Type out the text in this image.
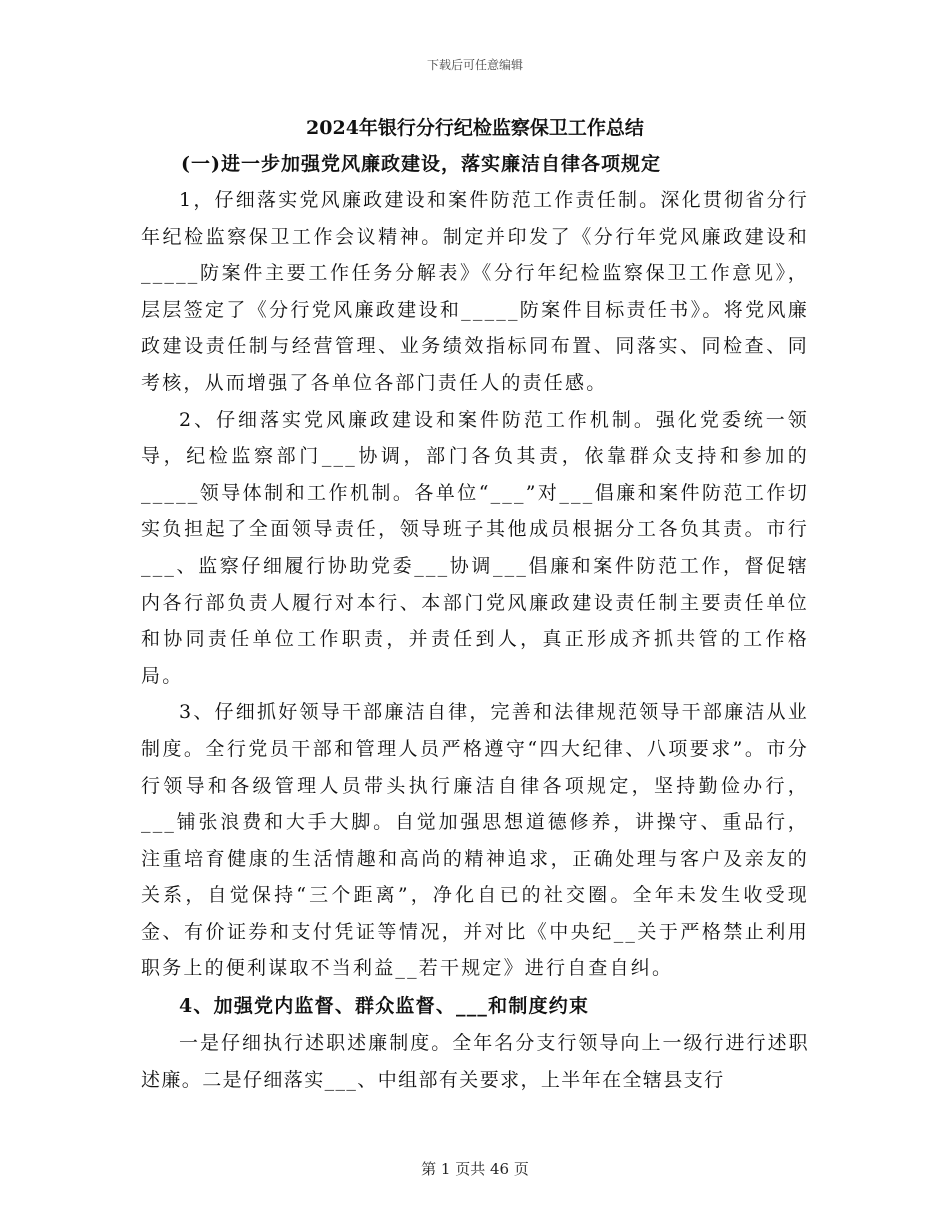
下载后可任意编辑

2024年银行分行纪检监察保卫工作总结

(一)进一步加强党风廉政建设，落实廉洁自律各项规定

1，仔细落实党风廉政建设和案件防范工作责任制。深化贯彻省分行年纪检监察保卫工作会议精神。制定并印发了《分行年党风廉政建设和_____防案件主要工作任务分解表》《分行年纪检监察保卫工作意见》，层层签定了《分行党风廉政建设和_____防案件目标责任书》。将党风廉政建设责任制与经营管理、业务绩效指标同布置、同落实、同检查、同考核，从而增强了各单位各部门责任人的责任感。

2、仔细落实党风廉政建设和案件防范工作机制。强化党委统一领导，纪检监察部门___协调，部门各负其责，依靠群众支持和参加的_____领导体制和工作机制。各单位“___”对___倡廉和案件防范工作切实负担起了全面领导责任，领导班子其他成员根据分工各负其责。市行___、监察仔细履行协助党委___协调___倡廉和案件防范工作，督促辖内各行部负责人履行对本行、本部门党风廉政建设责任制主要责任单位和协同责任单位工作职责，并责任到人，真正形成齐抓共管的工作格局。

3、仔细抓好领导干部廉洁自律，完善和法律规范领导干部廉洁从业制度。全行党员干部和管理人员严格遵守“四大纪律、八项要求”。市分行领导和各级管理人员带头执行廉洁自律各项规定，坚持勤俭办行，___铺张浪费和大手大脚。自觉加强思想道德修养，讲操守、重品行，注重培育健康的生活情趣和高尚的精神追求，正确处理与客户及亲友的关系，自觉保持“三个距离”，净化自已的社交圈。全年未发生收受现金、有价证券和支付凭证等情况，并对比《中央纪__关于严格禁止利用职务上的便利谋取不当利益__若干规定》进行自查自纠。

4、加强党内监督、群众监督、___和制度约束

一是仔细执行述职述廉制度。全年名分支行领导向上一级行进行述职述廉。二是仔细落实___、中组部有关要求，上半年在全辖县支行

第 1 页共 46 页
